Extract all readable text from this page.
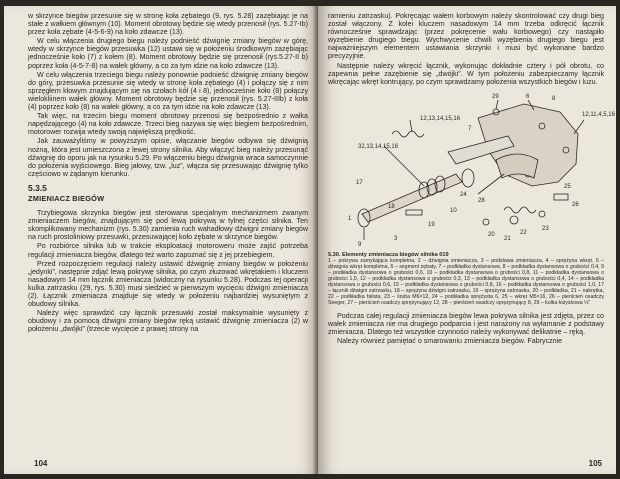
w skrzynce biegów przesunie się w stronę koła zębatego (9, rys. 5.28) zazębiając je na stałe z wałkiem głównym (10). Moment obrotowy będzie się wtedy przenosił (rys. 5.27-Ib) przez koła zębate (4-5-6-9) na koło zdawcze (13).

W celu włączenia drugiego biegu należy podnieść dźwignię zmiany biegów w górę, wtedy w skrzynce biegów przesuwka (12) ustawi się w położeniu środkowym zazębiając jednocześnie koło (7) z kołem (8). Moment obrotowy będzie się przenosił (rys.5.27-II b) poprzez koła (4-5-7-8) na wałek główny, a co za tym idzie na koło zdawcze (13).

W celu włączenia trzeciego biegu należy ponownie podnieść dźwignię zmiany biegów do góry, przesuwka przesunie się wtedy w stronę koła zębatego (4) i połączy się z nim sprzęgłem kłowym znajdującym się na czołach kół (4 i 8), jednocześnie koło (8) połączy wielokliinem wałek główny. Moment obrotowy będzie się przenosił (rys. 5.27-IIIb) z koła (4) poprzez koło (8) na wałek główny, a co za tym idzie na koło zdawcze (13).

Tak więc, na trzecim biegu moment obrotowy przenosi się bezpośrednio z wałka napędzającego (4) na koło zdawcze. Trzeci bieg nazywa się więc biegiem bezpośrednim, motorower rozwija wtedy swoją największą prędkość.

Jak zauważyliśmy w powyższym opisie, włączanie biegów odbywa się dźwignią nożną, która jest umieszczona z lewej strony silnika. Aby włączyć bieg należy przesunąć dźwignię do oporu jak na rysunku 5.29. Po włączeniu biegu dźwignia wraca samoczynnie do położenia wyjściowego. Bieg jałowy, tzw. „luz”, włącza się przesuwając dźwignię tylko częściowo w żądanym kierunku.

5.3.5
ZMIENIACZ BIEGÓW

Trzybiegowa skrzynka biegów jest sterowana specjalnym mechanizmem zwanym zmieniaczem biegów, znajdującym się pod lewą pokrywą w tylnej części silnika. Ten skomplikowany mechanizm (rys. 5.30) zamienia ruch wahadłowy dźwigni zmiany biegów na ruch prostoliniowy przesuwki, przesuwającej koło zębate w skrzynce biegów.

Po rozbiórce silnika lub w trakcie eksploatacji motoroweru może zajść potrzeba regulacji zmieniacza biegów, dlatego też warto zapoznać się z jej przebiegiem.

Przed rozpoczęciem regulacji należy ustawić dźwignię zmiany biegów w położeniu „jedynki”, następnie zdjąć lewą pokrywę silnika, po czym złuzować wkrętakiem i kluczem nasadowym 14 mm łącznik zmieniacza (widoczny na rysunku 5.28). Podczas tej operacji kulka zatrzasku (29, rys. 5.30) musi siedzieć w pierwszym wycięciu dźwigni zmieniacza (2). Łącznik zmieniacza znajduje się wtedy w położeniu najbardziej wysuniętym z obudowy silnika.

Należy więc sprawdzić czy łącznik przesuwki został maksymalnie wysunięty z obudowy i za pomocą dźwigni zmiany biegów ręką ustawić dźwignię zmieniacza (2) w położeniu „dwójki” (trzecie wycięcie z prawej strony na

104

ramieniu zatrzasku). Pokręcając wałem korbowym należy skontrolować czy drugi bieg został włączony. Z kolei kluczem nasadowym 14 mm trzeba odkręcić łącznik równocześnie sprawdzając (przez pokręcenie wału korbowego) czy nastąpiło wyzębienie drugiego biegu. Wychwycenie chwili wyzębienia drugiego biegu jest najważniejszym elementem ustawiania skrzynki i musi być wykonane bardzo precyzyjnie.

Następnie należy wkręcić łącznik, wykonując dokładnie cztery i pół obrotu, co zapewnia pełne zazębienie się „dwójki”. W tym położeniu zabezpieczamy łącznik wkręcając wkręt kontrujący, po czym sprawdzamy położenia wszystkich biegów i luzu.

29	6	8
7
12,11,4,5,16
12,13,14,15,16
32,13,14,15,16
24
28
25
26
18
19
22
21
20
23
17
1
3
9
10
5.30. Elementy zmieniacza biegów silnika 019
1 – pokrywa zamykająca kompletna, 2 – dźwignia zmieniacza, 3 – podstawa zmieniacza, 4 – sprężyna wkręt, 5 – dźwignia wkręt kompletna, 6 – segment zębaty, 7 – podkładka dystansowa, 8 – podkładka dystansowa o grubości 0,4, 9 – podkładka dystansowa o grubości 0,6, 10 – podkładka dystansowa o grubości 0,8, 11 – podkładka dystansowa o grubości 1,0, 12 – podkładka dystansowa o grubości 0,3, 13 – podkładka dystansowa o grubości 0,4, 14 – podkładka dystansowa o grubości 0,6, 15 – podkładka dystansowa o grubości 0,8, 16 – podkładka dystansowa o grubości 1,0, 17 – łącznik dźwigni zatrzasku, 18 – sprężyna dźwigni zatrzasku, 19 – sprężyna zatrzasku, 20 – podkładka, 21 – nakrętka, 22 – podkładka falista, 23 – śruba M6×12, 24 – podkładka sprężysta 6, 25 – wkręt M5×16, 26 – pierścień osadczy Seeger, 27 – pierścień osadczy sprężynujący 12, 28 – pierścień osadczy sprężynujący 8, 29 – kulka łożyskowa ⅛"

Podczas całej regulacji zmieniacza biegów lewa pokrywa silnika jest zdjęta, przez co wałek zmieniacza nie ma drugiego podparcia i jest narażony na wyłamanie z podstawy zmieniacza. Dlatego też wszystkie czynności należy wykonywać delikatnie – ręką.

Należy również pamiętać o smarowaniu zmieniacza biegów. Fabrycznie

105
